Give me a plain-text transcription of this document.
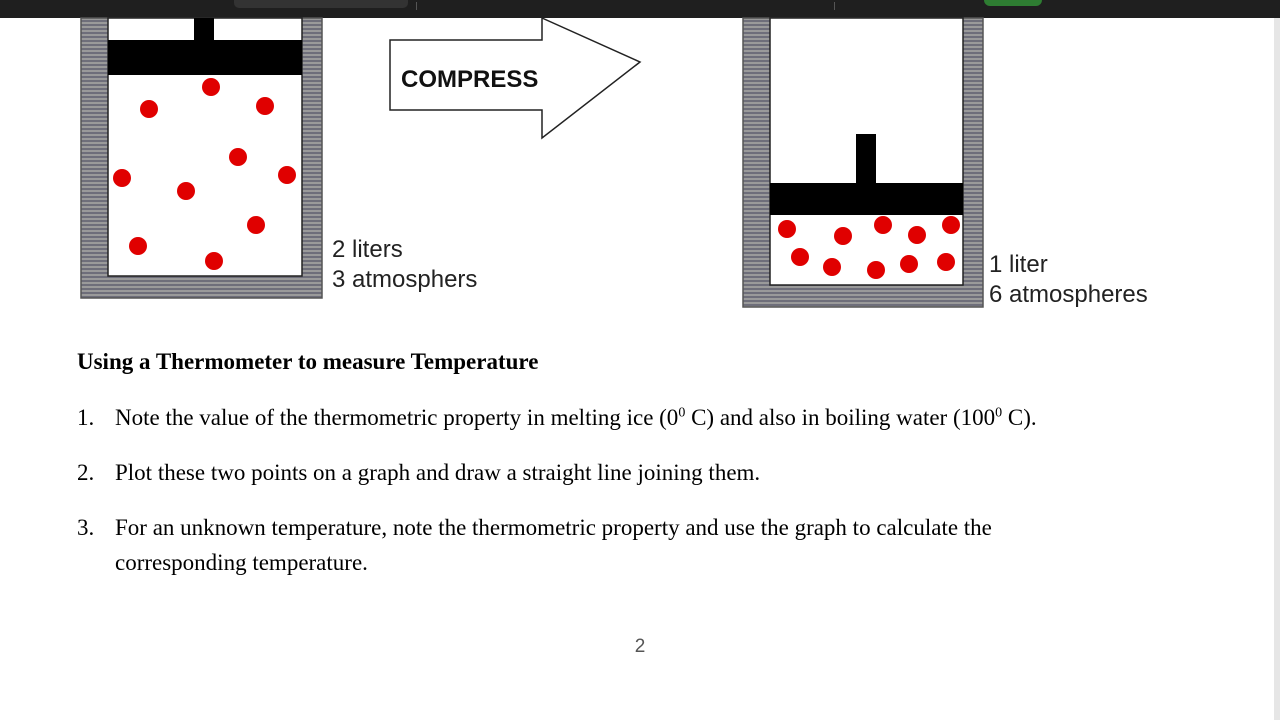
2 liters
3 atmosphers
COMPRESS
1 liter
6 atmospheres
Using a Thermometer to measure Temperature
1. Note the value of the thermometric property in melting ice ($0^0$ C) and also in boiling water ($100^0$ C).
2. Plot these two points on a graph and draw a straight line joining them.
3. For an unknown temperature, note the thermometric property and use the graph to calculate the
corresponding temperature.
2
